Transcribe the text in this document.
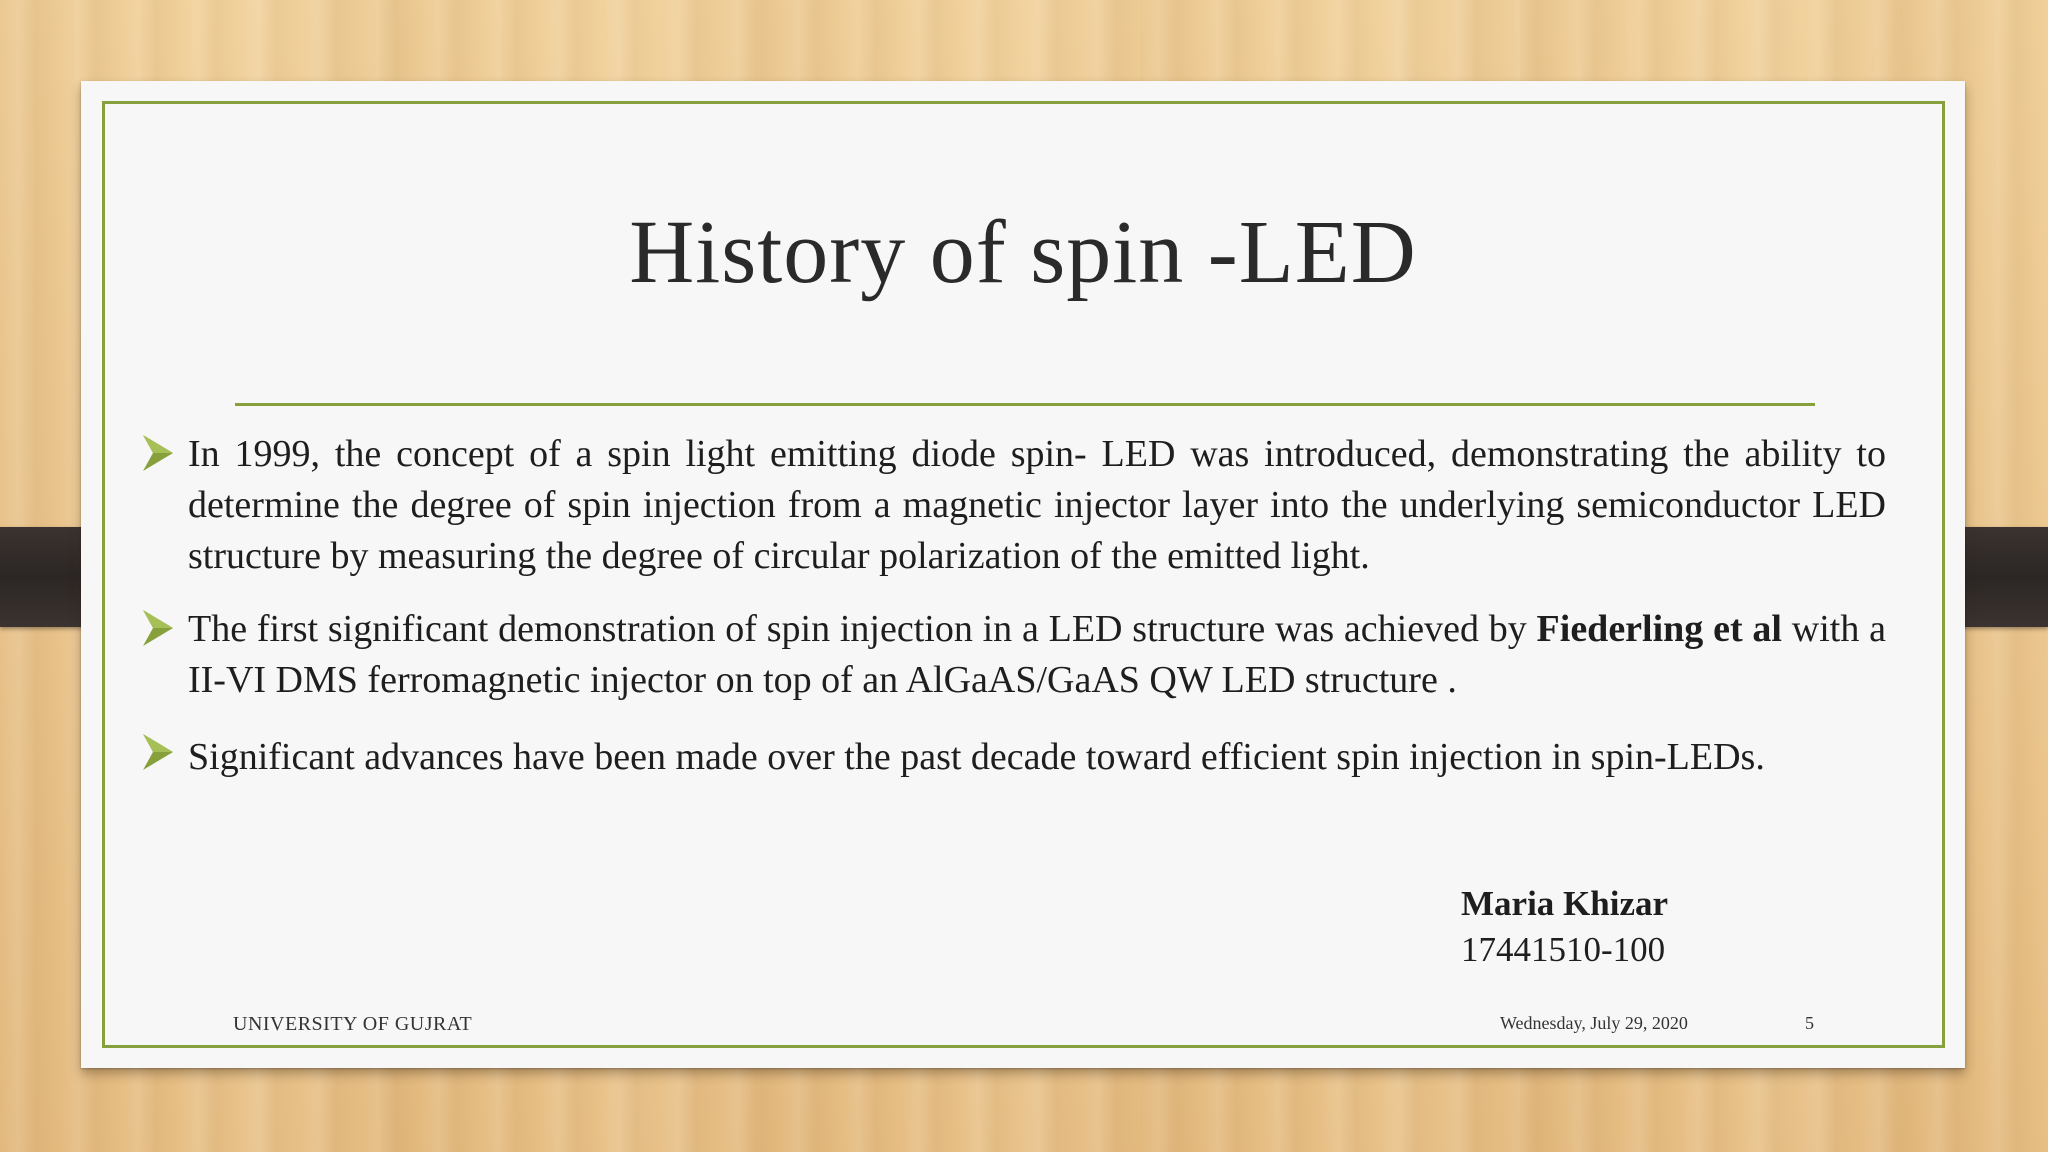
History of spin -LED
In 1999, the concept of a spin light emitting diode spin- LED was introduced, demonstrating the ability to determine the degree of spin injection from a magnetic injector layer into the underlying semiconductor LED structure by measuring the degree of circular polarization of the emitted light.
The first significant demonstration of spin injection in a LED structure was achieved by Fiederling et al with a II-VI DMS ferromagnetic injector on top of an AlGaAS/GaAS QW LED structure .
Significant advances have been made over the past decade toward efficient spin injection in spin-LEDs.
Maria Khizar
17441510-100
UNIVERSITY OF GUJRAT	Wednesday, July 29, 2020	5
